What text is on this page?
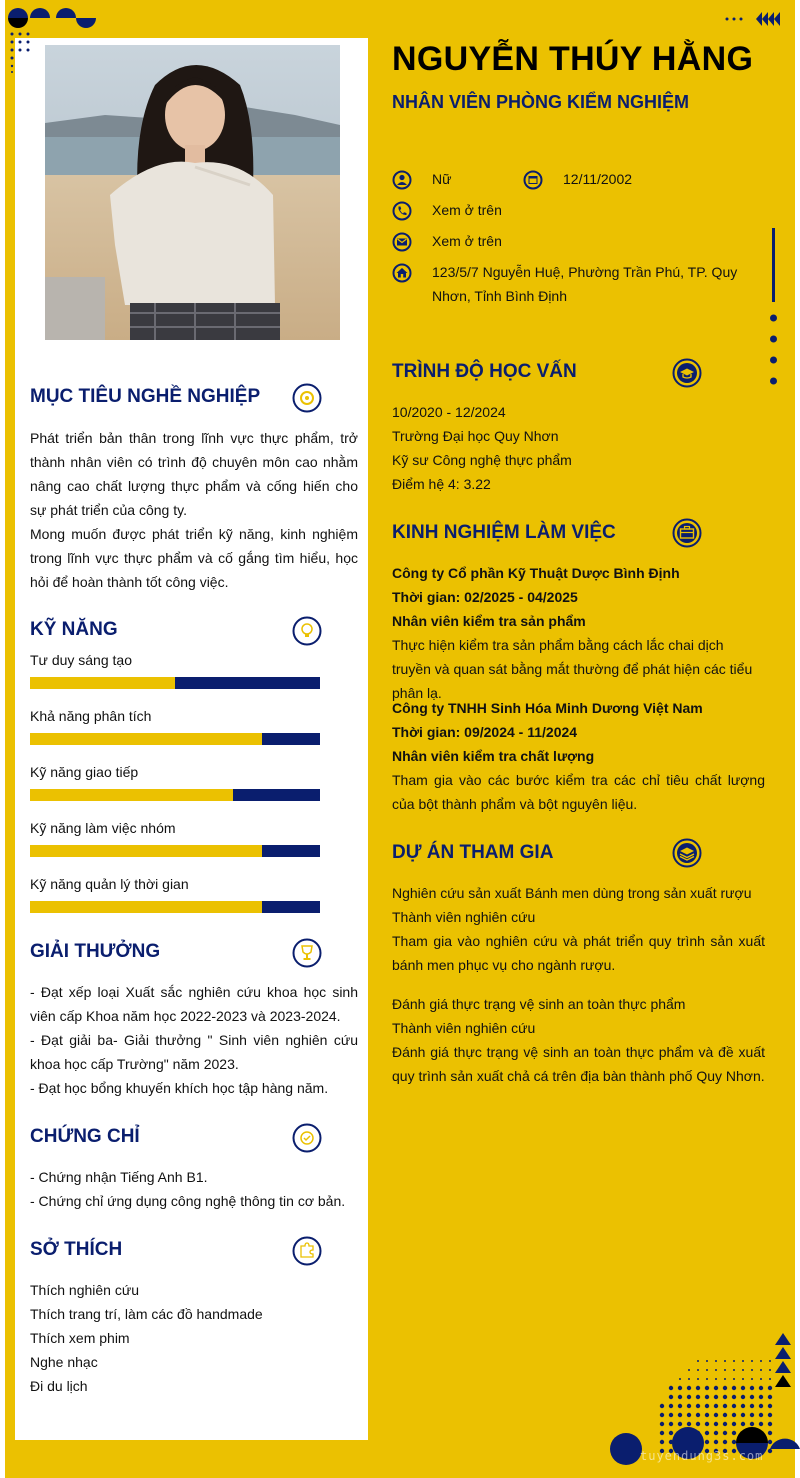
NGUYỄN THÚY HẰNG
NHÂN VIÊN PHÒNG KIỂM NGHIỆM
Nữ	12/11/2002
Xem ở trên
Xem ở trên
123/5/7 Nguyễn Huệ, Phường Trần Phú, TP. Quy
Nhơn, Tỉnh Bình Định
MỤC TIÊU NGHỀ NGHIỆP

Phát triển bản thân trong lĩnh vực thực phẩm, trở thành nhân viên có trình độ chuyên môn cao nhằm nâng cao chất lượng thực phẩm và cống hiến cho sự phát triển của công ty.

Mong muốn được phát triển kỹ năng, kinh nghiệm trong lĩnh vực thực phẩm và cố gắng tìm hiểu, học hỏi để hoàn thành tốt công việc.

KỸ NĂNG
Tư duy sáng tạo
Khả năng phân tích
Kỹ năng giao tiếp
Kỹ năng làm việc nhóm
Kỹ năng quản lý thời gian
GIẢI THƯỞNG

- Đạt xếp loại Xuất sắc nghiên cứu khoa học sinh viên cấp Khoa năm học 2022-2023 và 2023-2024.

- Đạt giải ba- Giải thưởng " Sinh viên nghiên cứu khoa học cấp Trường" năm 2023.

- Đạt học bổng khuyến khích học tập hàng năm.

CHỨNG CHỈ
- Chứng nhận Tiếng Anh B1.
- Chứng chỉ ứng dụng công nghệ thông tin cơ bản.
SỞ THÍCH
Thích nghiên cứu
Thích trang trí, làm các đồ handmade
Thích xem phim
Nghe nhạc
Đi du lịch
TRÌNH ĐỘ HỌC VẤN
10/2020 - 12/2024
Trường Đại học Quy Nhơn
Kỹ sư Công nghệ thực phẩm
Điểm hệ 4: 3.22
KINH NGHIỆM LÀM VIỆC

Công ty Cổ phần Kỹ Thuật Dược Bình Định

Thời gian: 02/2025 - 04/2025

Nhân viên kiểm tra sản phẩm

Thực hiện kiểm tra sản phẩm bằng cách lắc chai dịch truyền và quan sát bằng mắt thường để phát hiện các tiểu phân lạ.

Công ty TNHH Sinh Hóa Minh Dương Việt Nam

Thời gian: 09/2024 - 11/2024

Nhân viên kiểm tra chất lượng

Tham gia vào các bước kiểm tra các chỉ tiêu chất lượng của bột thành phẩm và bột nguyên liệu.

DỰ ÁN THAM GIA

Nghiên cứu sản xuất Bánh men dùng trong sản xuất rượu

Thành viên nghiên cứu

Tham gia vào nghiên cứu và phát triển quy trình sản xuất bánh men phục vụ cho ngành rượu.

Đánh giá thực trạng vệ sinh an toàn thực phẩm

Thành viên nghiên cứu

Đánh giá thực trạng vệ sinh an toàn thực phẩm và đề xuất quy trình sản xuất chả cá trên địa bàn thành phố Quy Nhơn.

tuyendung3s.com
